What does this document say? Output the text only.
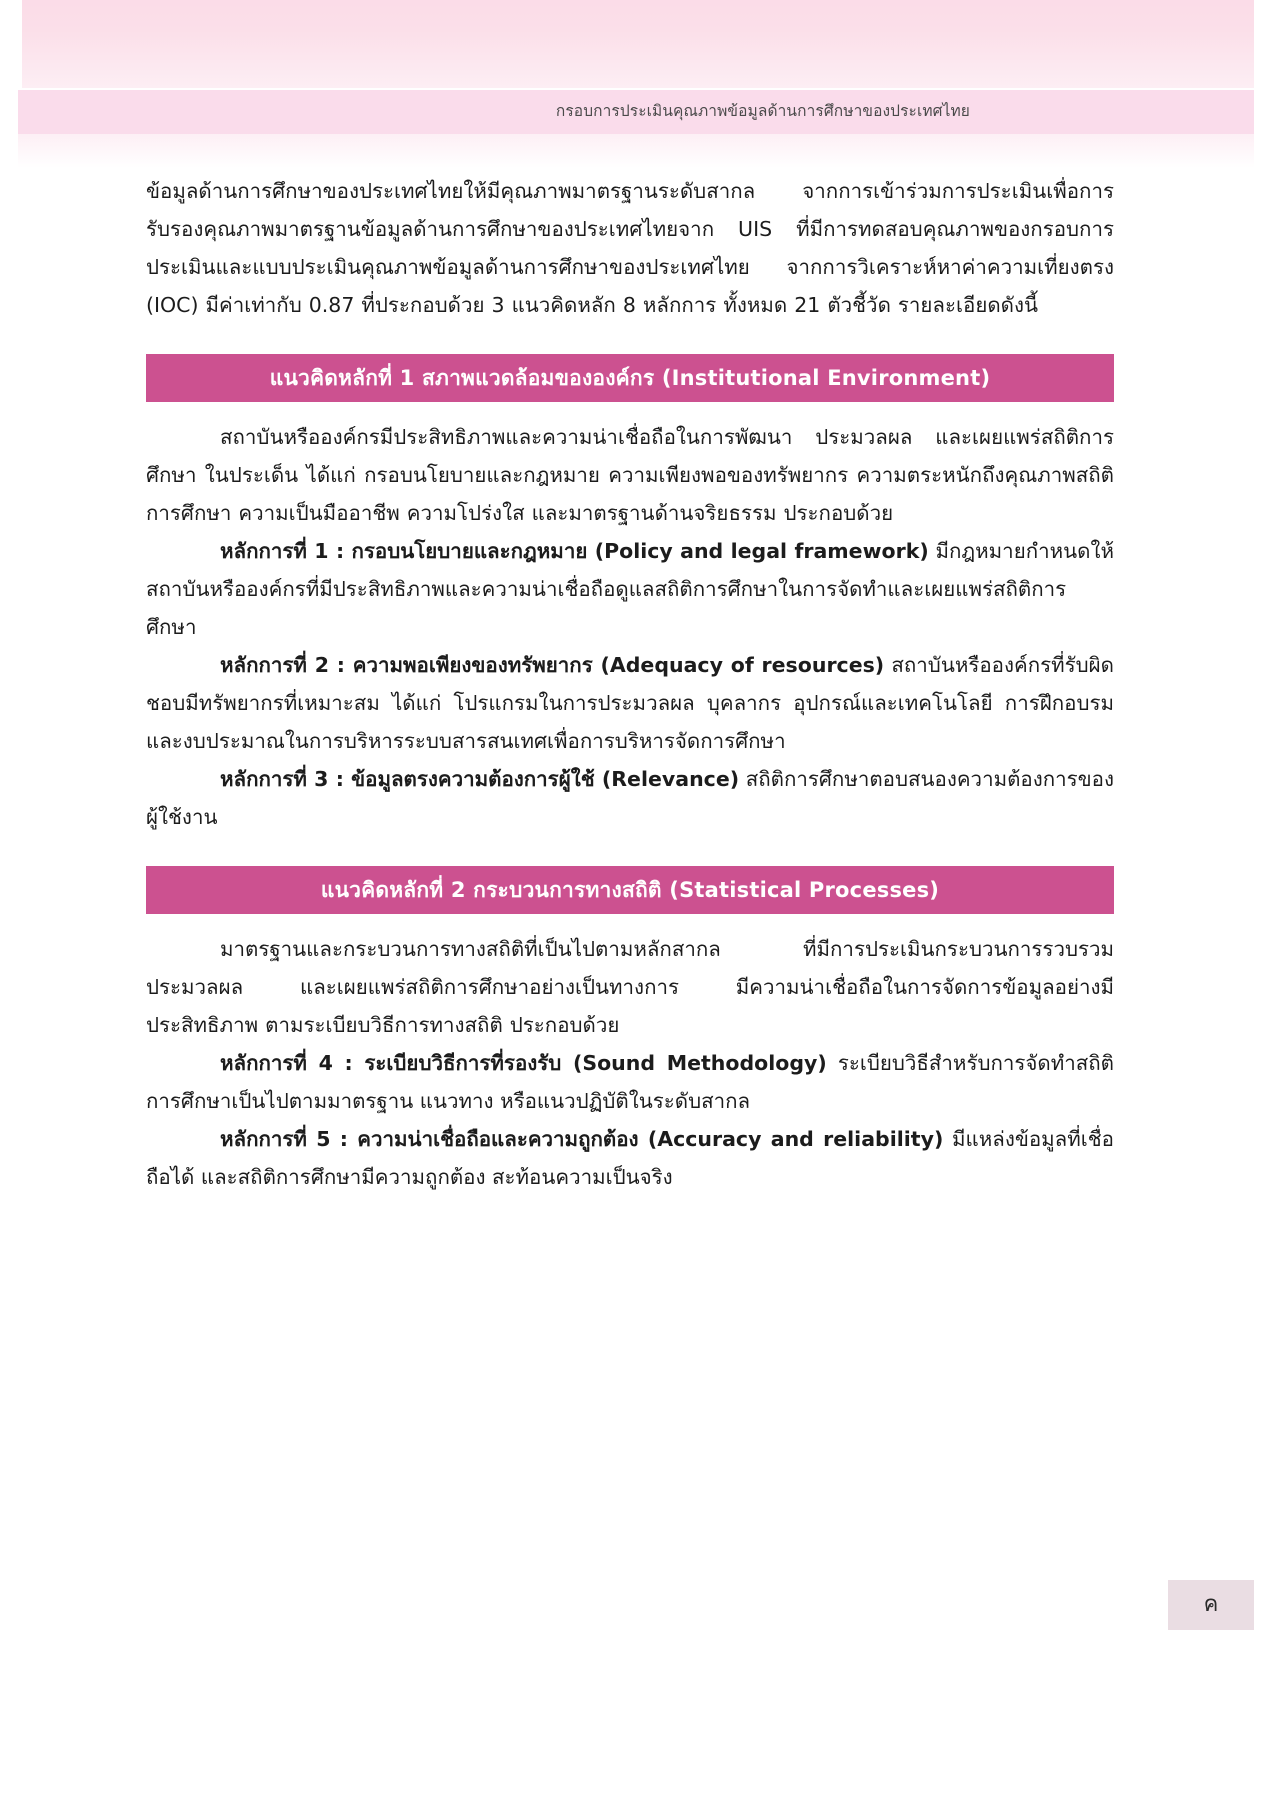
กรอบการประเมินคุณภาพข้อมูลด้านการศึกษาของประเทศไทย

ข้อมูลด้านการศึกษาของประเทศไทยให้มีคุณภาพมาตรฐานระดับสากล จากการเข้าร่วมการประเมินเพื่อการรับรองคุณภาพมาตรฐานข้อมูลด้านการศึกษาของประเทศไทยจาก UIS ที่มีการทดสอบคุณภาพของกรอบการประเมินและแบบประเมินคุณภาพข้อมูลด้านการศึกษาของประเทศไทย จากการวิเคราะห์หาค่าความเที่ยงตรง (IOC) มีค่าเท่ากับ 0.87 ที่ประกอบด้วย 3 แนวคิดหลัก 8 หลักการ ทั้งหมด 21 ตัวชี้วัด รายละเอียดดังนี้

แนวคิดหลักที่ 1 สภาพแวดล้อมขององค์กร (Institutional Environment)

สถาบันหรือองค์กรมีประสิทธิภาพและความน่าเชื่อถือในการพัฒนา ประมวลผล และเผยแพร่สถิติการศึกษา ในประเด็น ได้แก่ กรอบนโยบายและกฎหมาย ความเพียงพอของทรัพยากร ความตระหนักถึงคุณภาพสถิติการศึกษา ความเป็นมืออาชีพ ความโปร่งใส และมาตรฐานด้านจริยธรรม ประกอบด้วย

หลักการที่ 1 : กรอบนโยบายและกฎหมาย (Policy and legal framework) มีกฎหมายกำหนดให้สถาบันหรือองค์กรที่มีประสิทธิภาพและความน่าเชื่อถือดูแลสถิติการศึกษาในการจัดทำและเผยแพร่สถิติการศึกษา

หลักการที่ 2 : ความพอเพียงของทรัพยากร (Adequacy of resources) สถาบันหรือองค์กรที่รับผิดชอบมีทรัพยากรที่เหมาะสม ได้แก่ โปรแกรมในการประมวลผล บุคลากร อุปกรณ์และเทคโนโลยี การฝึกอบรม และงบประมาณในการบริหารระบบสารสนเทศเพื่อการบริหารจัดการศึกษา

หลักการที่ 3 : ข้อมูลตรงความต้องการผู้ใช้ (Relevance) สถิติการศึกษาตอบสนองความต้องการของผู้ใช้งาน

แนวคิดหลักที่ 2 กระบวนการทางสถิติ (Statistical Processes)

มาตรฐานและกระบวนการทางสถิติที่เป็นไปตามหลักสากล ที่มีการประเมินกระบวนการรวบรวม ประมวลผล และเผยแพร่สถิติการศึกษาอย่างเป็นทางการ มีความน่าเชื่อถือในการจัดการข้อมูลอย่างมีประสิทธิภาพ ตามระเบียบวิธีการทางสถิติ ประกอบด้วย

หลักการที่ 4 : ระเบียบวิธีการที่รองรับ (Sound Methodology) ระเบียบวิธีสำหรับการจัดทำสถิติการศึกษาเป็นไปตามมาตรฐาน แนวทาง หรือแนวปฏิบัติในระดับสากล

หลักการที่ 5 : ความน่าเชื่อถือและความถูกต้อง (Accuracy and reliability) มีแหล่งข้อมูลที่เชื่อถือได้ และสถิติการศึกษามีความถูกต้อง สะท้อนความเป็นจริง

ค
